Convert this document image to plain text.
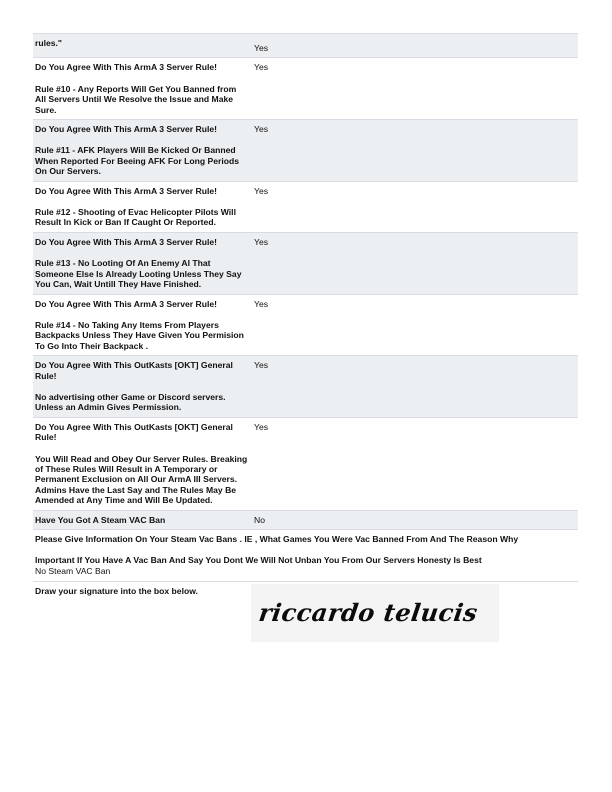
rules."	Yes
Do You Agree With This ArmA 3 Server Rule!
Rule #10 - Any Reports Will Get You Banned from All Servers Until We Resolve the Issue and Make Sure.
Yes
Do You Agree With This ArmA 3 Server Rule!
Rule #11 - AFK Players Will Be Kicked Or Banned When Reported For Beeing AFK For Long Periods On Our Servers.
Yes
Do You Agree With This ArmA 3 Server Rule!
Rule #12 - Shooting of Evac Helicopter Pilots Will Result In Kick or Ban If Caught Or Reported.
Yes
Do You Agree With This ArmA 3 Server Rule!
Rule #13 - No Looting Of An Enemy AI That Someone Else Is Already Looting Unless They Say You Can, Wait Untill They Have Finished.
Yes
Do You Agree With This ArmA 3 Server Rule!
Rule #14 - No Taking Any Items From Players Backpacks Unless They Have Given You Permision To Go Into Their Backpack .
Yes
Do You Agree With This OutKasts [OKT] General Rule!
No advertising other Game or Discord servers. Unless an Admin Gives Permission.
Yes
Do You Agree With This OutKasts [OKT] General Rule!
You Will Read and Obey Our Server Rules. Breaking of These Rules Will Result in A Temporary or Permanent Exclusion on All Our ArmA III Servers.
Admins Have the Last Say and The Rules May Be Amended at Any Time and Will Be Updated.
Yes
Have You Got A Steam VAC Ban	No
Please Give Information On Your Steam Vac Bans . IE , What Games You Were Vac Banned From And The Reason Why
Important If You Have A Vac Ban And Say You Dont We Will Not Unban You From Our Servers Honesty Is Best
No Steam VAC Ban
Draw your signature into the box below.
riccardo telucis
